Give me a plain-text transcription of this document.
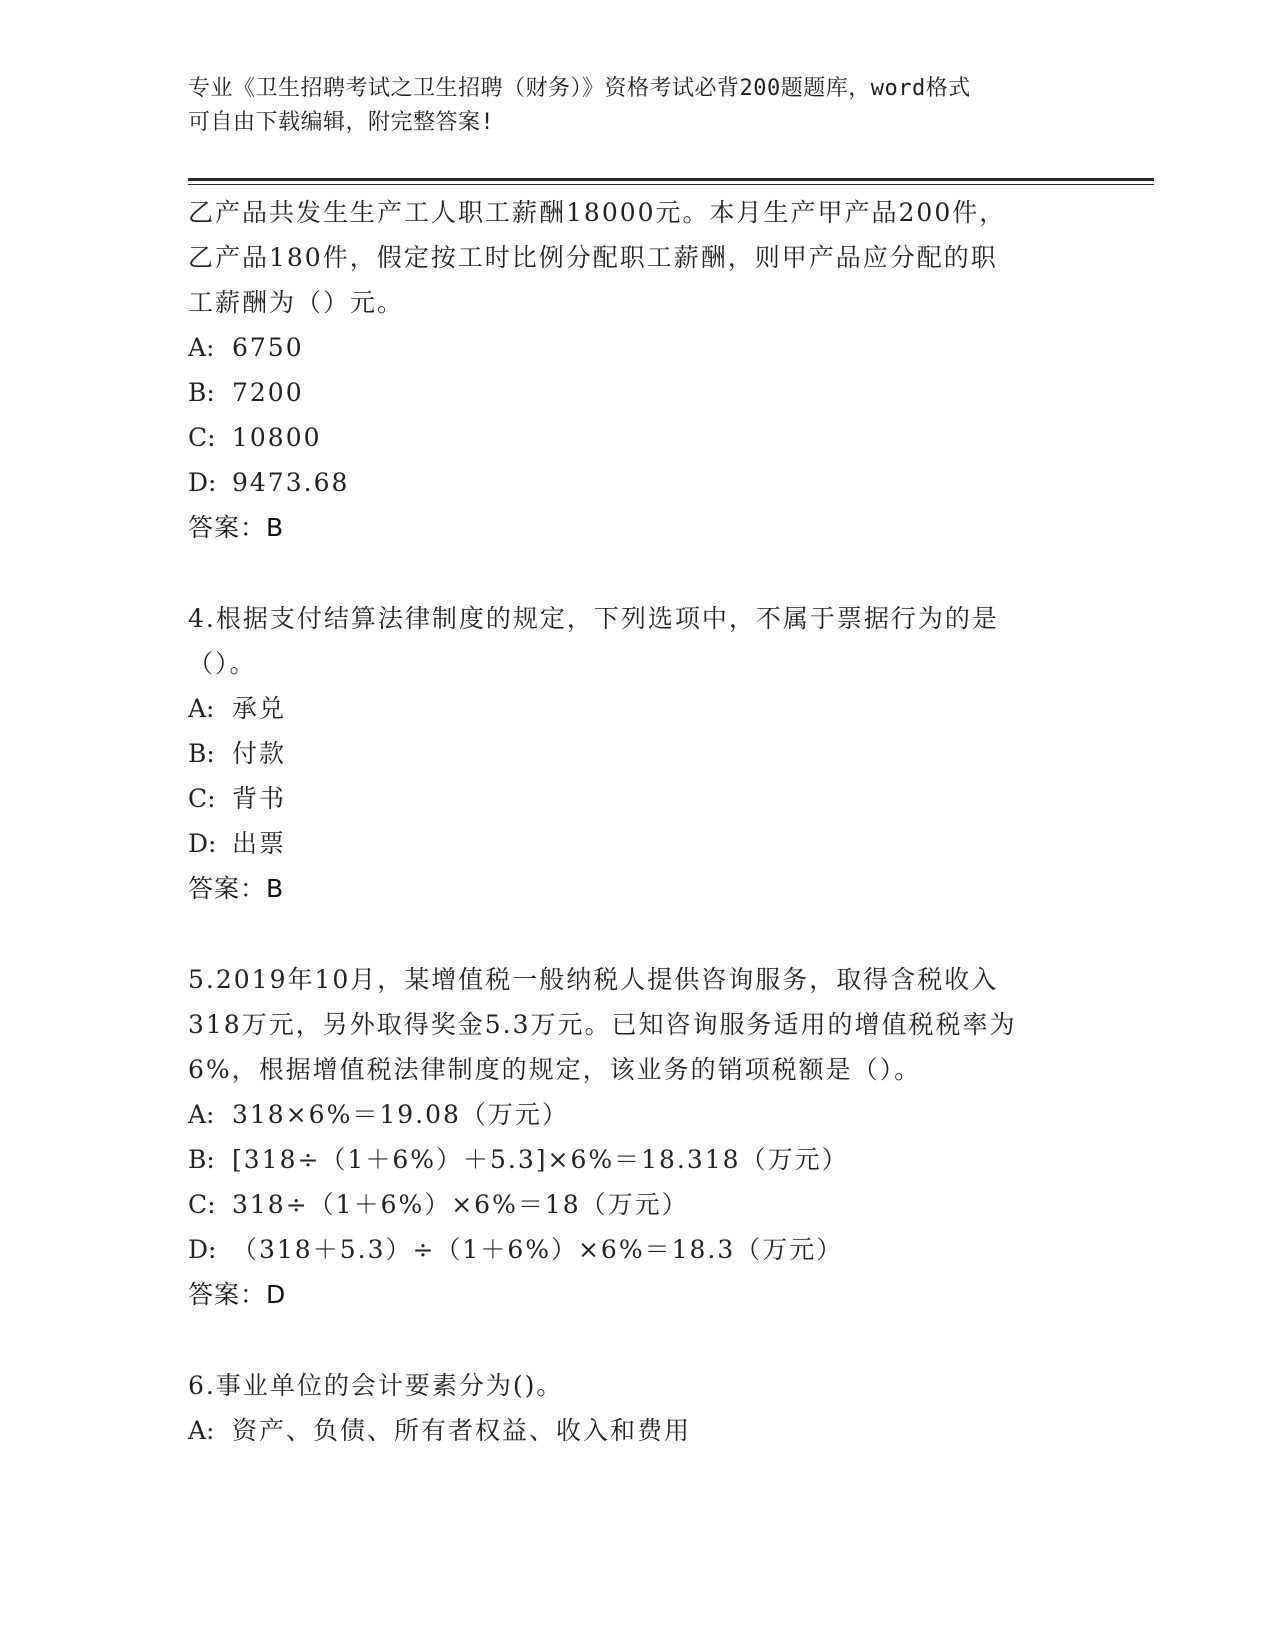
专业《卫生招聘考试之卫生招聘（财务）》资格考试必背200题题库，word格式
可自由下载编辑，附完整答案!
乙产品共发生生产工人职工薪酬18000元。本月生产甲产品200件，
乙产品180件，假定按工时比例分配职工薪酬，则甲产品应分配的职
工薪酬为（）元。
A: 6750
B: 7200
C: 10800
D: 9473.68
答案：B
4.根据支付结算法律制度的规定，下列选项中，不属于票据行为的是
（）。
A: 承兑
B: 付款
C: 背书
D: 出票
答案：B
5.2019年10月，某增值税一般纳税人提供咨询服务，取得含税收入
318万元，另外取得奖金5.3万元。已知咨询服务适用的增值税税率为
6%，根据增值税法律制度的规定，该业务的销项税额是（）。
A: 318×6%＝19.08（万元）
B: [318÷（1＋6%）＋5.3]×6%＝18.318（万元）
C: 318÷（1＋6%）×6%＝18（万元）
D: （318＋5.3）÷（1＋6%）×6%＝18.3（万元）
答案：D
6.事业单位的会计要素分为()。
A: 资产、负债、所有者权益、收入和费用
